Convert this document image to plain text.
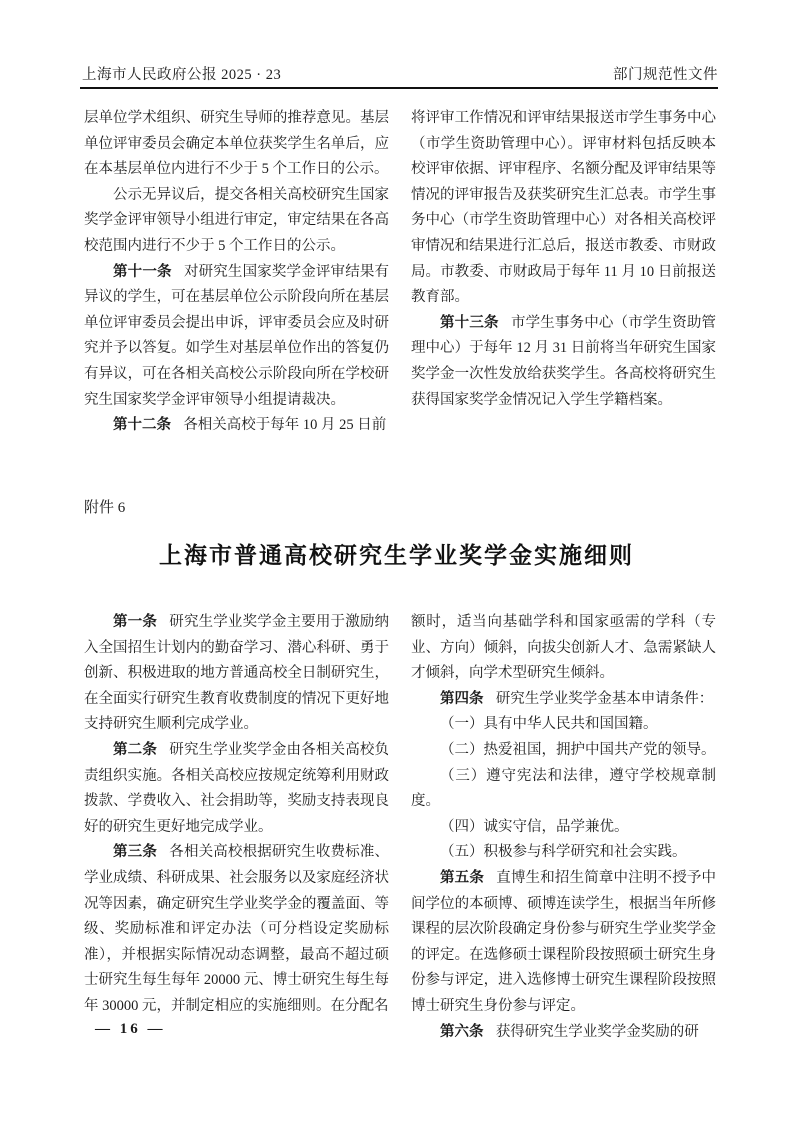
上海市人民政府公报 2025 · 23	部门规范性文件

层单位学术组织、研究生导师的推荐意见。基层单位评审委员会确定本单位获奖学生名单后，应在本基层单位内进行不少于 5 个工作日的公示。

公示无异议后，提交各相关高校研究生国家奖学金评审领导小组进行审定，审定结果在各高校范围内进行不少于 5 个工作日的公示。

第十一条 对研究生国家奖学金评审结果有异议的学生，可在基层单位公示阶段向所在基层单位评审委员会提出申诉，评审委员会应及时研究并予以答复。如学生对基层单位作出的答复仍有异议，可在各相关高校公示阶段向所在学校研究生国家奖学金评审领导小组提请裁决。

第十二条 各相关高校于每年 10 月 25 日前

将评审工作情况和评审结果报送市学生事务中心（市学生资助管理中心）。评审材料包括反映本校评审依据、评审程序、名额分配及评审结果等情况的评审报告及获奖研究生汇总表。市学生事务中心（市学生资助管理中心）对各相关高校评审情况和结果进行汇总后，报送市教委、市财政局。市教委、市财政局于每年 11 月 10 日前报送教育部。

第十三条 市学生事务中心（市学生资助管理中心）于每年 12 月 31 日前将当年研究生国家奖学金一次性发放给获奖学生。各高校将研究生获得国家奖学金情况记入学生学籍档案。

附件 6
上海市普通高校研究生学业奖学金实施细则

第一条 研究生学业奖学金主要用于激励纳入全国招生计划内的勤奋学习、潜心科研、勇于创新、积极进取的地方普通高校全日制研究生，在全面实行研究生教育收费制度的情况下更好地支持研究生顺利完成学业。

第二条 研究生学业奖学金由各相关高校负责组织实施。各相关高校应按规定统筹利用财政拨款、学费收入、社会捐助等，奖励支持表现良好的研究生更好地完成学业。

第三条 各相关高校根据研究生收费标准、学业成绩、科研成果、社会服务以及家庭经济状况等因素，确定研究生学业奖学金的覆盖面、等级、奖励标准和评定办法（可分档设定奖励标准），并根据实际情况动态调整，最高不超过硕士研究生每生每年 20000 元、博士研究生每生每年 30000 元，并制定相应的实施细则。在分配名

额时，适当向基础学科和国家亟需的学科（专业、方向）倾斜，向拔尖创新人才、急需紧缺人才倾斜，向学术型研究生倾斜。

第四条 研究生学业奖学金基本申请条件：

（一）具有中华人民共和国国籍。

（二）热爱祖国，拥护中国共产党的领导。

（三）遵守宪法和法律，遵守学校规章制度。

（四）诚实守信，品学兼优。

（五）积极参与科学研究和社会实践。

第五条 直博生和招生简章中注明不授予中间学位的本硕博、硕博连读学生，根据当年所修课程的层次阶段确定身份参与研究生学业奖学金的评定。在选修硕士课程阶段按照硕士研究生身份参与评定，进入选修博士研究生课程阶段按照博士研究生身份参与评定。

第六条 获得研究生学业奖学金奖励的研

— 16 —
